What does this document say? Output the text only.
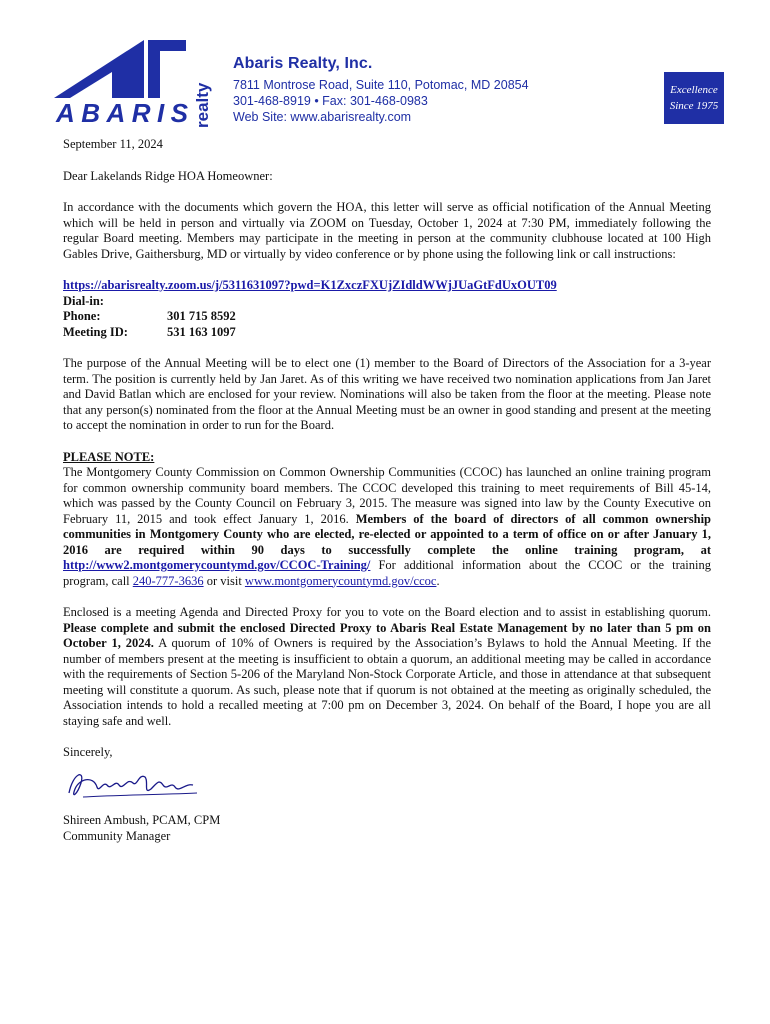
ABARIS realty
Abaris Realty, Inc.
7811 Montrose Road, Suite 110, Potomac, MD 20854
301-468-8919 • Fax: 301-468-0983
Web Site: www.abarisrealty.com
Excellence
Since 1975

September 11, 2024

Dear Lakelands Ridge HOA Homeowner:

In accordance with the documents which govern the HOA, this letter will serve as official notification of the Annual Meeting which will be held in person and virtually via ZOOM on Tuesday, October 1, 2024 at 7:30 PM, immediately following the regular Board meeting. Members may participate in the meeting in person at the community clubhouse located at 100 High Gables Drive, Gaithersburg, MD or virtually by video conference or by phone using the following link or call instructions:

https://abarisrealty.zoom.us/j/5311631097?pwd=K1ZxczFXUjZIdldWWjJUaGtFdUxOUT09
Dial-in:
Phone:	301 715 8592
Meeting ID:	531 163 1097

The purpose of the Annual Meeting will be to elect one (1) member to the Board of Directors of the Association for a 3-year term. The position is currently held by Jan Jaret. As of this writing we have received two nomination applications from Jan Jaret and David Batlan which are enclosed for your review. Nominations will also be taken from the floor at the meeting. Please note that any person(s) nominated from the floor at the Annual Meeting must be an owner in good standing and present at the meeting to accept the nomination in order to run for the Board.

PLEASE NOTE:
The Montgomery County Commission on Common Ownership Communities (CCOC) has launched an online training program for common ownership community board members. The CCOC developed this training to meet requirements of Bill 45-14, which was passed by the County Council on February 3, 2015. The measure was signed into law by the County Executive on February 11, 2015 and took effect January 1, 2016. Members of the board of directors of all common ownership communities in Montgomery County who are elected, re-elected or appointed to a term of office on or after January 1, 2016 are required within 90 days to successfully complete the online training program, at http://www2.montgomerycountymd.gov/CCOC-Training/ For additional information about the CCOC or the training program, call 240-777-3636 or visit www.montgomerycountymd.gov/ccoc.

Enclosed is a meeting Agenda and Directed Proxy for you to vote on the Board election and to assist in establishing quorum. Please complete and submit the enclosed Directed Proxy to Abaris Real Estate Management by no later than 5 pm on October 1, 2024. A quorum of 10% of Owners is required by the Association’s Bylaws to hold the Annual Meeting. If the number of members present at the meeting is insufficient to obtain a quorum, an additional meeting may be called in accordance with the requirements of Section 5-206 of the Maryland Non-Stock Corporate Article, and those in attendance at that subsequent meeting will constitute a quorum. As such, please note that if quorum is not obtained at the meeting as originally scheduled, the Association intends to hold a recalled meeting at 7:00 pm on December 3, 2024. On behalf of the Board, I hope you are all staying safe and well.

Sincerely,

Shireen Ambush, PCAM, CPM

Community Manager
